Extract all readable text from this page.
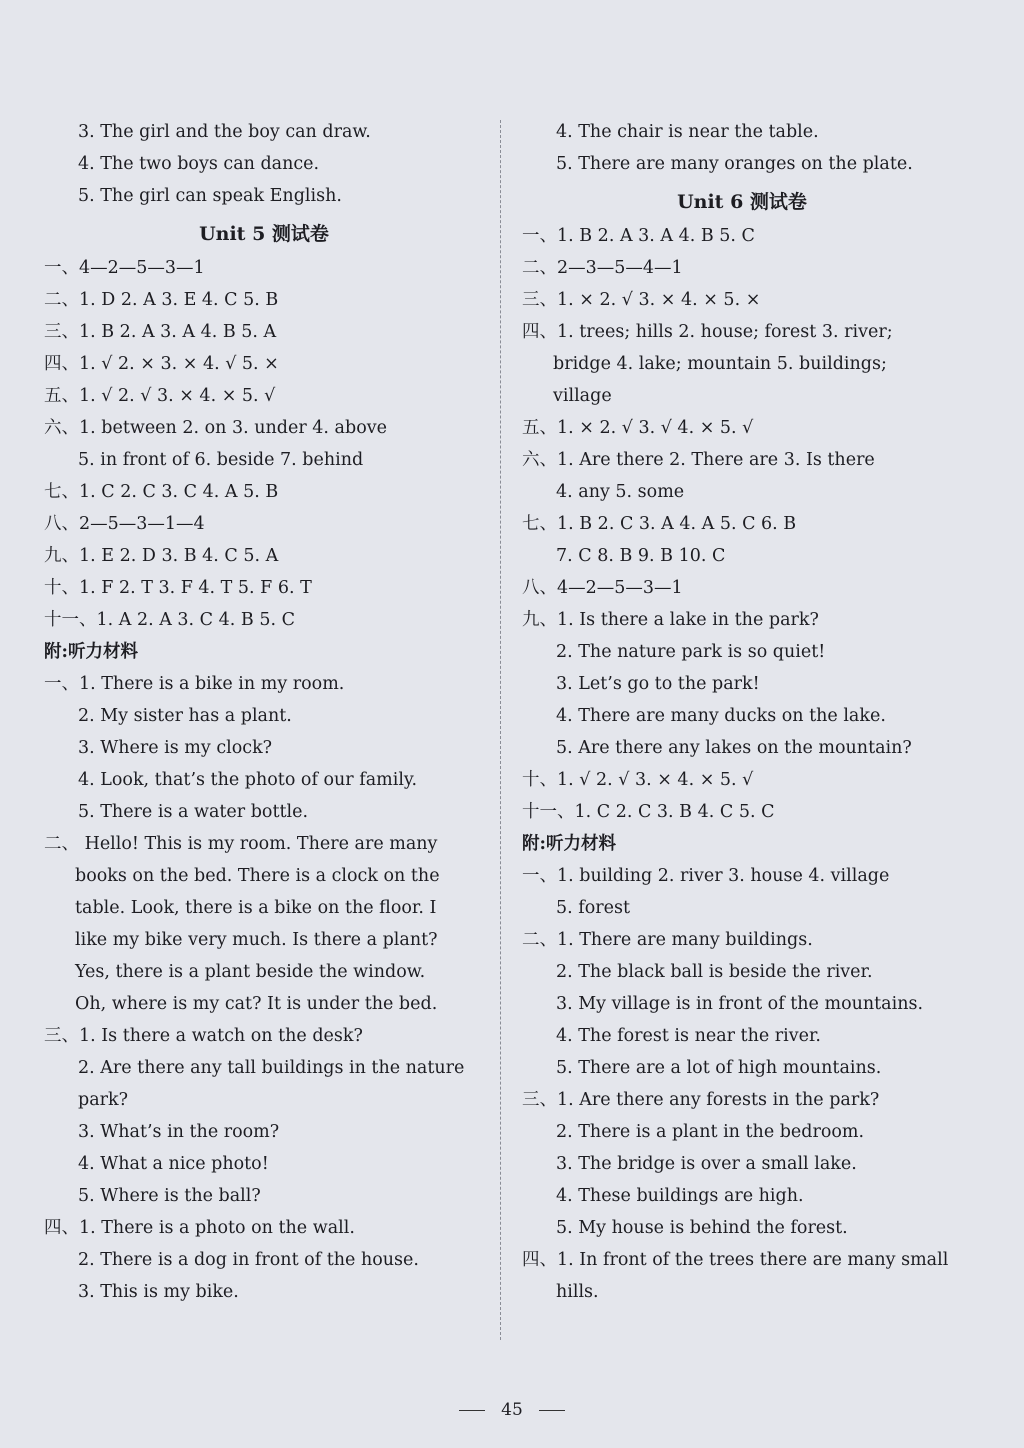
3. The girl and the boy can draw.
4. The two boys can dance.
5. The girl can speak English.
Unit 5 测试卷
一、4—2—5—3—1
二、1. D 2. A 3. E 4. C 5. B
三、1. B 2. A 3. A 4. B 5. A
四、1. √ 2. × 3. × 4. √ 5. ×
五、1. √ 2. √ 3. × 4. × 5. √
六、1. between 2. on 3. under 4. above
5. in front of 6. beside 7. behind
七、1. C 2. C 3. C 4. A 5. B
八、2—5—3—1—4
九、1. E 2. D 3. B 4. C 5. A
十、1. F 2. T 3. F 4. T 5. F 6. T
十一、1. A 2. A 3. C 4. B 5. C
附:听力材料
一、1. There is a bike in my room.
2. My sister has a plant.
3. Where is my clock?
4. Look, that’s the photo of our family.
5. There is a water bottle.
二、 Hello! This is my room. There are many
books on the bed. There is a clock on the
table. Look, there is a bike on the floor. I
like my bike very much. Is there a plant?
Yes, there is a plant beside the window.
Oh, where is my cat? It is under the bed.
三、1. Is there a watch on the desk?
2. Are there any tall buildings in the nature
park?
3. What’s in the room?
4. What a nice photo!
5. Where is the ball?
四、1. There is a photo on the wall.
2. There is a dog in front of the house.
3. This is my bike.
4. The chair is near the table.
5. There are many oranges on the plate.
Unit 6 测试卷
一、1. B 2. A 3. A 4. B 5. C
二、2—3—5—4—1
三、1. × 2. √ 3. × 4. × 5. ×
四、1. trees; hills 2. house; forest 3. river;
bridge 4. lake; mountain 5. buildings;
village
五、1. × 2. √ 3. √ 4. × 5. √
六、1. Are there 2. There are 3. Is there
4. any 5. some
七、1. B 2. C 3. A 4. A 5. C 6. B
7. C 8. B 9. B 10. C
八、4—2—5—3—1
九、1. Is there a lake in the park?
2. The nature park is so quiet!
3. Let’s go to the park!
4. There are many ducks on the lake.
5. Are there any lakes on the mountain?
十、1. √ 2. √ 3. × 4. × 5. √
十一、1. C 2. C 3. B 4. C 5. C
附:听力材料
一、1. building 2. river 3. house 4. village
5. forest
二、1. There are many buildings.
2. The black ball is beside the river.
3. My village is in front of the mountains.
4. The forest is near the river.
5. There are a lot of high mountains.
三、1. Are there any forests in the park?
2. There is a plant in the bedroom.
3. The bridge is over a small lake.
4. These buildings are high.
5. My house is behind the forest.
四、1. In front of the trees there are many small
hills.
45
